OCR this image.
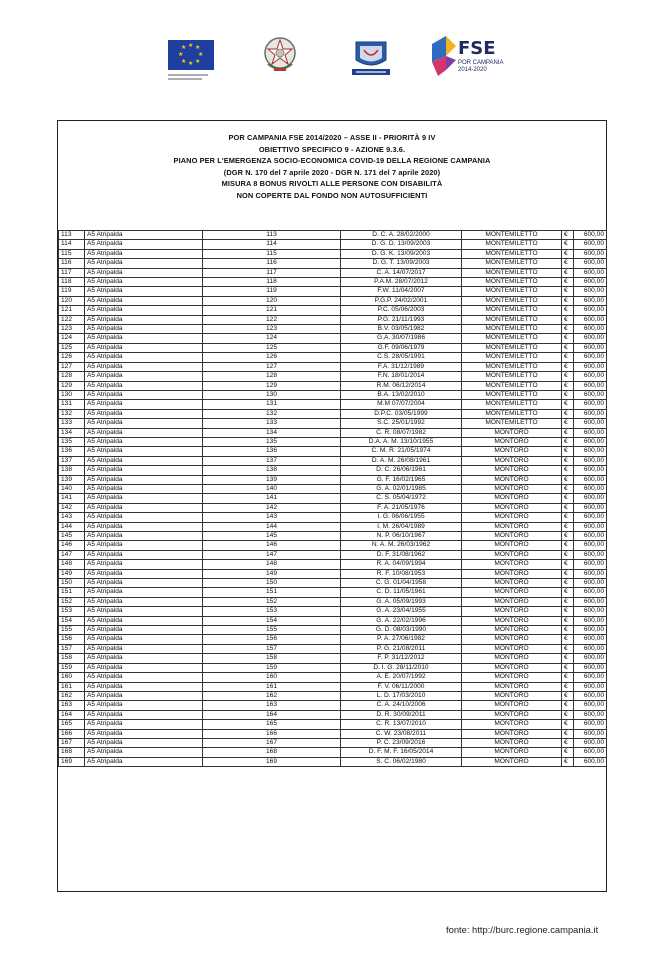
★ ★
★
★
★
★
★
★	FSE
POR CAMPANIA 2014-2020
POR CAMPANIA FSE 2014/2020 – ASSE II - PRIORITÀ 9 IV
OBIETTIVO SPECIFICO 9 - AZIONE 9.3.6.
PIANO PER L'EMERGENZA SOCIO-ECONOMICA COVID-19 DELLA REGIONE CAMPANIA
(DGR N. 170 del 7 aprile 2020 - DGR N. 171 del 7 aprile 2020)
MISURA 8 BONUS RIVOLTI ALLE PERSONE CON DISABILITÀ
NON COPERTE DAL FONDO NON AUTOSUFFICIENTI
113	A5 Atripalda	113	D. C. A. 28/02/2000	MONTEMILETTO	€	600,00
114	A5 Atripalda	114	D. G. D. 13/09/2003	MONTEMILETTO	€	600,00
115	A5 Atripalda	115	D. G. K. 13/09/2003	MONTEMILETTO	€	600,00
116	A5 Atripalda	116	D. G. T. 13/09/2003	MONTEMILETTO	€	600,00
117	A5 Atripalda	117	C. A. 14/07/2017	MONTEMILETTO	€	600,00
118	A5 Atripalda	118	P.A.M. 28/07/2012	MONTEMILETTO	€	600,00
119	A5 Atripalda	119	F.W. 11/04/2007	MONTEMILETTO	€	600,00
120	A5 Atripalda	120	P.G.P. 24/02/2001	MONTEMILETTO	€	600,00
121	A5 Atripalda	121	P.C. 05/06/2003	MONTEMILETTO	€	600,00
122	A5 Atripalda	122	P.G. 21/11/1993	MONTEMILETTO	€	600,00
123	A5 Atripalda	123	B.V. 03/05/1982	MONTEMILETTO	€	600,00
124	A5 Atripalda	124	G.A. 30/07/1986	MONTEMILETTO	€	600,00
125	A5 Atripalda	125	G.F. 09/06/1979	MONTEMILETTO	€	600,00
126	A5 Atripalda	126	C.S. 28/05/1991	MONTEMILETTO	€	600,00
127	A5 Atripalda	127	F.A. 31/12/1989	MONTEMILETTO	€	600,00
128	A5 Atripalda	128	F.N. 18/01/2014	MONTEMILETTO	€	600,00
129	A5 Atripalda	129	R.M. 06/12/2014	MONTEMILETTO	€	600,00
130	A5 Atripalda	130	B.A. 13/02/2010	MONTEMILETTO	€	600,00
131	A5 Atripalda	131	M.M 07/07/2004	MONTEMILETTO	€	600,00
132	A5 Atripalda	132	D.P.C. 03/05/1999	MONTEMILETTO	€	600,00
133	A5 Atripalda	133	S.C. 25/01/1992	MONTEMILETTO	€	600,00
134	A5 Atripalda	134	C. R. 08/07/1982	MONTORO	€	600,00
135	A5 Atripalda	135	D.A. A. M. 13/10/1955	MONTORO	€	600,00
136	A5 Atripalda	136	C. M. R. 21/05/1974	MONTORO	€	600,00
137	A5 Atripalda	137	D. A. M. 26/08/1961	MONTORO	€	600,00
138	A5 Atripalda	138	D. C. 26/06/1961	MONTORO	€	600,00
139	A5 Atripalda	139	G. F. 16/02/1965	MONTORO	€	600,00
140	A5 Atripalda	140	G. A. 02/01/1985	MONTORO	€	600,00
141	A5 Atripalda	141	C. S. 05/04/1972	MONTORO	€	600,00
142	A5 Atripalda	142	F. A. 21/05/1976	MONTORO	€	600,00
143	A5 Atripalda	143	I. G. 06/06/1955	MONTORO	€	600,00
144	A5 Atripalda	144	I. M. 26/04/1989	MONTORO	€	600,00
145	A5 Atripalda	145	N. P. 06/10/1967	MONTORO	€	600,00
146	A5 Atripalda	146	N. A. M. 26/03/1962	MONTORO	€	600,00
147	A5 Atripalda	147	D. F. 31/08/1962	MONTORO	€	600,00
148	A5 Atripalda	148	R. A. 04/09/1994	MONTORO	€	600,00
149	A5 Atripalda	149	R. F. 10/08/1953	MONTORO	€	600,00
150	A5 Atripalda	150	C. G. 01/04/1958	MONTORO	€	600,00
151	A5 Atripalda	151	C. D. 11/05/1961	MONTORO	€	600,00
152	A5 Atripalda	152	G. A. 05/09/1993	MONTORO	€	600,00
153	A5 Atripalda	153	G. A. 23/04/1955	MONTORO	€	600,00
154	A5 Atripalda	154	G. A. 22/02/1996	MONTORO	€	600,00
155	A5 Atripalda	155	G. D. 08/03/1990	MONTORO	€	600,00
156	A5 Atripalda	156	P. A. 27/06/1982	MONTORO	€	600,00
157	A5 Atripalda	157	P. G. 21/08/2011	MONTORO	€	600,00
158	A5 Atripalda	158	F. P. 31/12/2012	MONTORO	€	600,00
159	A5 Atripalda	159	D. I. G. 28/11/2010	MONTORO	€	600,00
160	A5 Atripalda	160	A. E. 20/07/1992	MONTORO	€	600,00
161	A5 Atripalda	161	F. V. 06/11/2000	MONTORO	€	600,00
162	A5 Atripalda	162	L. D. 17/03/2010	MONTORO	€	600,00
163	A5 Atripalda	163	C. A. 24/10/2006	MONTORO	€	600,00
164	A5 Atripalda	164	D. R. 30/09/2011	MONTORO	€	600,00
165	A5 Atripalda	165	C. R. 13/07/2010	MONTORO	€	600,00
166	A5 Atripalda	166	C. W. 23/08/2011	MONTORO	€	600,00
167	A5 Atripalda	167	P. C. 23/09/2016	MONTORO	€	600,00
168	A5 Atripalda	168	D. F. M. F. 16/05/2014	MONTORO	€	600,00
169	A5 Atripalda	169	S. C. 06/02/1980	MONTORO	€	600,00
fonte: http://burc.regione.campania.it
